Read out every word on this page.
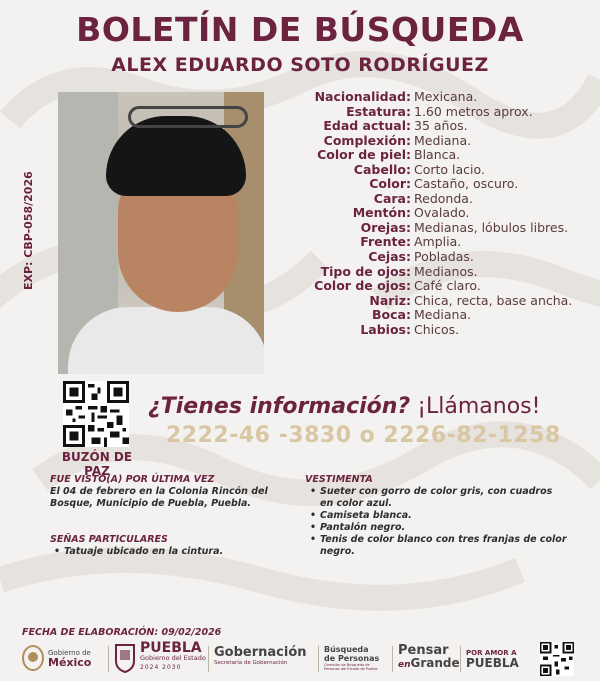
BOLETÍN DE BÚSQUEDA
ALEX EDUARDO SOTO RODRÍGUEZ
EXP: CBP-058/2026
Nacionalidad: Mexicana.
Estatura: 1.60 metros aprox.
Edad actual: 35 años.
Complexión: Mediana.
Color de piel: Blanca.
Cabello: Corto lacio.
Color: Castaño, oscuro.
Cara: Redonda.
Mentón: Ovalado.
Orejas: Medianas, lóbulos libres.
Frente: Amplia.
Cejas: Pobladas.
Tipo de ojos: Medianos.
Color de ojos: Café claro.
Nariz: Chica, recta, base ancha.
Boca: Mediana.
Labios: Chicos.
BUZÓN DE PAZ
¿Tienes información? ¡Llámanos!
2222-46 -3830 o 2226-82-1258
FUE VISTO(A) POR ÚLTIMA VEZ
El 04 de febrero en la Colonia Rincón del Bosque, Municipio de Puebla, Puebla.
SEÑAS PARTICULARES
• Tatuaje ubicado en la cintura.
VESTIMENTA
• Sueter con gorro de color gris, con cuadros en color azul.
• Camiseta blanca.
• Pantalón negro.
• Tenis de color blanco con tres franjas de color negro.
FECHA DE ELABORACIÓN: 09/02/2026
Gobierno de
México
PUEBLA
Gobierno del Estado
2024 2030
Gobernación
Secretaría de Gobernación
Búsqueda
de Personas
Comisión de Búsqueda de Personas del Estado de Puebla
Pensar
enGrande
POR AMOR A
PUEBLA
